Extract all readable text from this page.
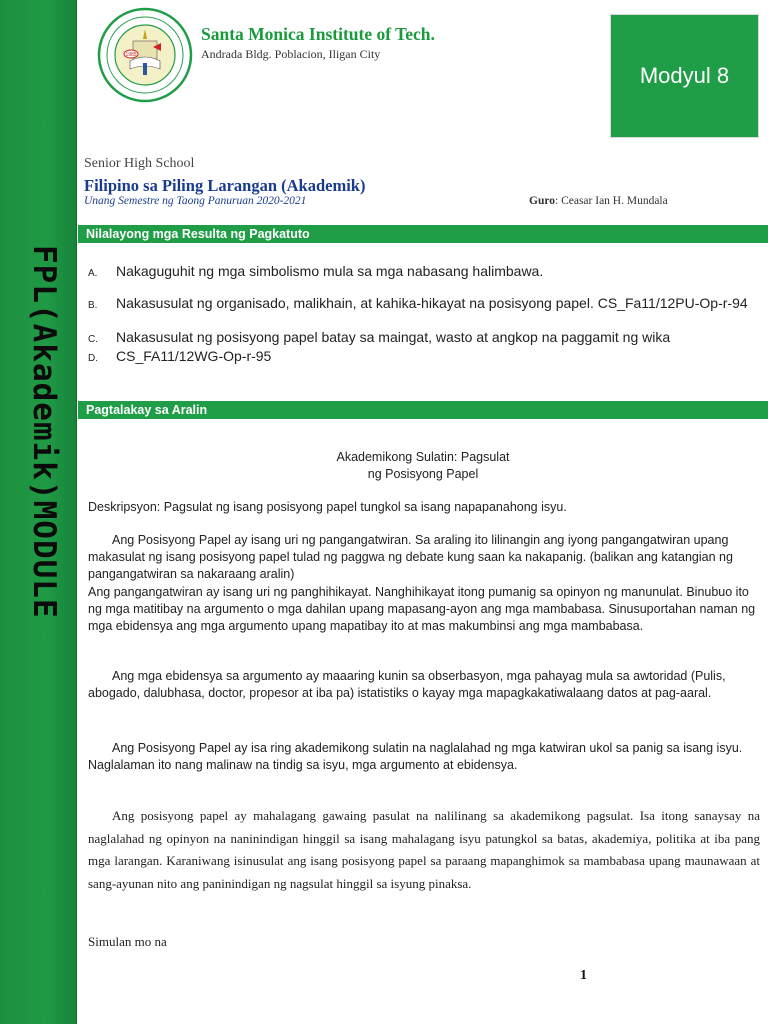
FPL(Akademik)MODULE
1985
Santa Monica Institute of Tech.
Andrada Bldg. Poblacion, Iligan City
Modyul 8
Senior High School
Filipino sa Piling Larangan (Akademik)
Unang Semestre ng Taong Panuruan 2020-2021	Guro: Ceasar Ian H. Mundala
Nilalayong mga Resulta ng Pagkatuto
A. Nakaguguhit ng mga simbolismo mula sa mga nabasang halimbawa.
B. Nakasusulat ng organisado, malikhain, at kahika-hikayat na posisyong papel. CS_Fa11/12PU-Op-r-94
C. Nakasusulat ng posisyong papel batay sa maingat, wasto at angkop na paggamit ng wika
D. CS_FA11/12WG-Op-r-95
Pagtalakay sa Aralin
Akademikong Sulatin: Pagsulat
ng Posisyong Papel
Deskripsyon: Pagsulat ng isang posisyong papel tungkol sa isang napapanahong isyu.
Ang Posisyong Papel ay isang uri ng pangangatwiran. Sa araling ito lilinangin ang iyong pangangatwiran upang makasulat ng isang posisyong papel tulad ng paggwa ng debate kung saan ka nakapanig. (balikan ang katangian ng pangangatwiran sa nakaraang aralin)
Ang pangangatwiran ay isang uri ng panghihikayat. Nanghihikayat itong pumanig sa opinyon ng manunulat. Binubuo ito ng mga matitibay na argumento o mga dahilan upang mapasang-ayon ang mga mambabasa. Sinusuportahan naman ng mga ebidensya ang mga argumento upang mapatibay ito at mas makumbinsi ang mga mambabasa.
Ang mga ebidensya sa argumento ay maaaring kunin sa obserbasyon, mga pahayag mula sa awtoridad (Pulis, abogado, dalubhasa, doctor, propesor at iba pa) istatistiks o kayay mga mapagkakatiwalaang datos at pag-aaral.
Ang Posisyong Papel ay isa ring akademikong sulatin na naglalahad ng mga katwiran ukol sa panig sa isang isyu. Naglalaman ito nang malinaw na tindig sa isyu, mga argumento at ebidensya.
Ang posisyong papel ay mahalagang gawaing pasulat na nalilinang sa akademikong pagsulat. Isa itong sanaysay na naglalahad ng opinyon na naninindigan hinggil sa isang mahalagang isyu patungkol sa batas, akademiya, politika at iba pang mga larangan. Karaniwang isinusulat ang isang posisyong papel sa paraang mapanghimok sa mambabasa upang maunawaan at sang-ayunan nito ang paninindigan ng nagsulat hinggil sa isyung pinaksa.
Simulan mo na
1
